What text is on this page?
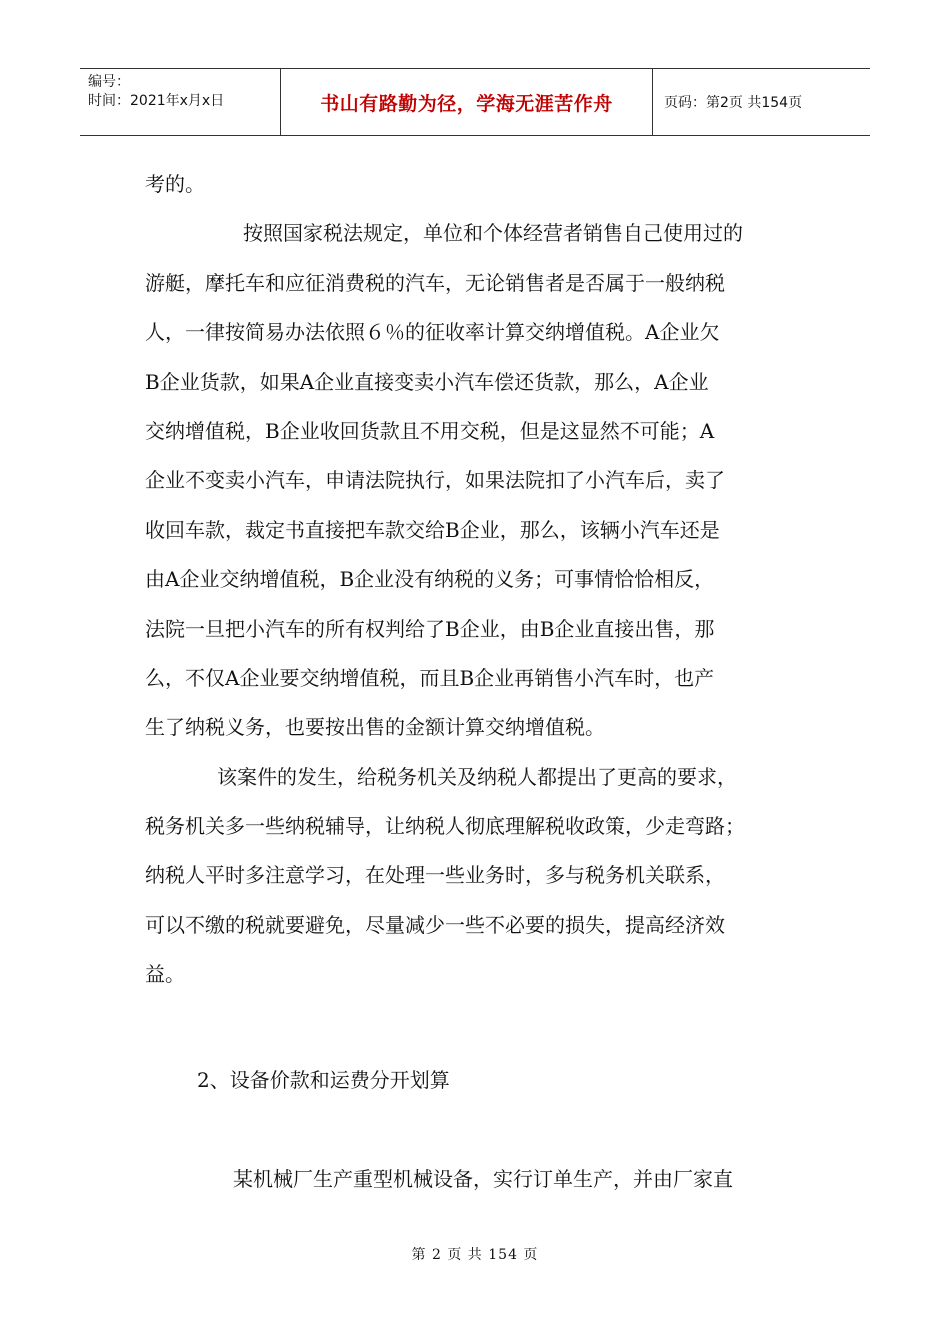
编号：
时间：2021年x月x日	书山有路勤为径，学海无涯苦作舟	页码：第2页 共154页
考的。
按照国家税法规定，单位和个体经营者销售自己使用过的
游艇，摩托车和应征消费税的汽车，无论销售者是否属于一般纳税
人，一律按简易办法依照６％的征收率计算交纳增值税。A企业欠
B企业货款，如果A企业直接变卖小汽车偿还货款，那么，A企业
交纳增值税，B企业收回货款且不用交税，但是这显然不可能；A
企业不变卖小汽车，申请法院执行，如果法院扣了小汽车后，卖了
收回车款，裁定书直接把车款交给B企业，那么，该辆小汽车还是
由A企业交纳增值税，B企业没有纳税的义务；可事情恰恰相反，
法院一旦把小汽车的所有权判给了B企业，由B企业直接出售，那
么，不仅A企业要交纳增值税，而且B企业再销售小汽车时，也产
生了纳税义务，也要按出售的金额计算交纳增值税。
该案件的发生，给税务机关及纳税人都提出了更高的要求，
税务机关多一些纳税辅导，让纳税人彻底理解税收政策，少走弯路；
纳税人平时多注意学习，在处理一些业务时，多与税务机关联系，
可以不缴的税就要避免，尽量减少一些不必要的损失，提高经济效
益。
2、设备价款和运费分开划算
某机械厂生产重型机械设备，实行订单生产，并由厂家直
第 2 页 共 154 页
